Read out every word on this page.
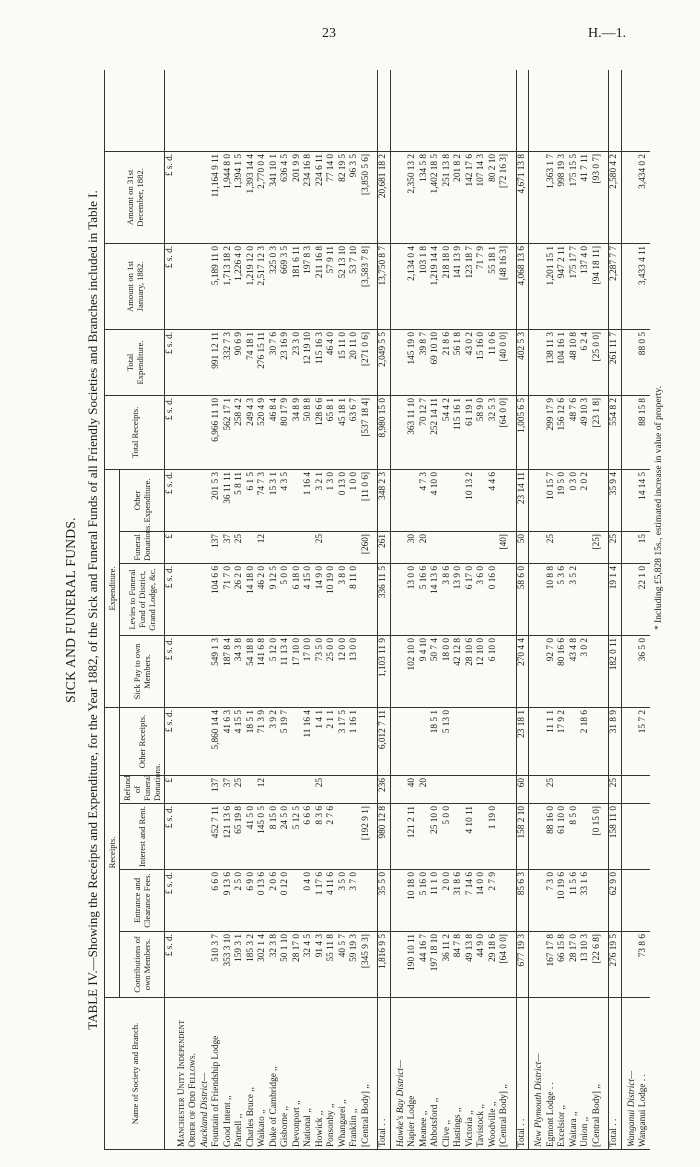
23	H.—1.
SICK AND FUNERAL FUNDS. TABLE IV.—Showing the Receipts and Expenditure, for the Year 1882, of the Sick and Funeral Funds of all Friendly Societies and Branches included in Table I.
Name of Society and Branch.	Receipts.					Expenditure.				Total Receipts.	Total Expenditure.	Amount on 1st January, 1882.	Amount on 31st December, 1882.	
	Contributions of own Members.	Entrance and Clearance Fees.	Interest and Rent.	Refund of Funeral Donations.	Other Receipts.	Sick Pay to own Members.	Levies to Funeral Fund of District, Grand Lodge, &c.	Funeral Donations.	Other Expenditure.					
	£ s. d.	£ s. d.	£ s. d.	£	£ s. d.	£ s. d.	£ s. d.	£	£ s. d.	£ s. d.	£ s. d.	£ s. d.	£ s. d.	
Manchester Unity Independent														
Order of Odd Fellows.														
Auckland District—														
Fountain of Friendship Lodge	510 3 7	6 6 0	452 7 11	137	5,860 14 4	549 1 3	104 6 6	137	201 5 3	6,966 11 10	991 12 11	5,189 11 0	11,164 9 11	
Good Intent ,,	353 3 10	9 13 6	121 13 6	37	41 6 3	187 8 4	71 7 0	37	36 11 11	562 17 1	332 7 3	1,713 18 2	1,944 8 0	
Parnell ,,	159 3 1	2 5 0	65 19 8	25	4 15 5	34 3 8	26 2 0	25	5 8 11	258 4 2	90 6 9	1,226 4 0	1,394 1 5	
Charles Bruce ,,	185 3 2	6 9 0	41 5 0		18 5 1	54 18 8	14 18 0		6 1 5	249 4 3	74 18 1	1,219 12 0	1,393 14 4	
Waikato ,,	302 1 4	0 13 6	145 0 5	12	71 3 9	141 6 8	46 2 0	12	74 7 3	520 4 9	276 15 11	2,517 12 3	2,770 0 4	
Duke of Cambridge ,,	32 3 8	2 0 6	8 15 0		3 9 2	5 12 0	9 12 5		15 3 1	46 8 4	30 7 6	325 0 3	341 10 1	
Gisborne ,,	50 1 10	0 12 0	24 5 0		5 19 7	11 13 4	5 0 0		4 3 5	80 17 9	23 16 9	669 3 5	636 4 5	
Devonport ,,	28 17 0		5 12 5			17 10 0	6 18 0			34 8 9	23 3 0	181 6 11	201 9 9	
National ,,	32 4 5	0 4 0	6 6 6		11 16 4	17 0 0	4 15 0		1 16 4	50 8 8	12 19 10	197 8 3	234 16 8	
Howick ,,	91 4 3	1 17 6	8 3 6	25	1 4 1	73 5 0	14 9 0	25	3 2 1	128 6 6	115 16 3	211 16 8	224 6 11	
Ponsonby ,,	55 11 8	4 11 6	2 7 6		2 1 1	25 0 0	10 19 0		1 3 0	65 8 1	46 4 0	57 9 11	77 14 0	
Whangarei ,,	40 5 7	3 5 0			3 17 5	12 0 0	3 8 0		0 13 0	45 18 1	15 11 0	52 13 10	82 19 5	
Franklin ,,	59 19 3	3 7 0			1 16 1	13 0 0	8 11 0		1 0 0	63 6 7	20 11 0	53 7 10	96 3 5	
[Central Body] ,,	[345 9 3]		[192 9 1]					[260]	[11 0 6]	[537 18 4]	[271 0 6]	[3,583 7 8]	[3,850 5 6]	

Total . .	1,816 9 5	35 5 0	980 12 8	236	6,012 7 11	1,103 11 9	336 11 5	261	348 2 3	8,980 15 0	2,049 5 5	13,750 8 7	20,681 18 2	

Hawke's Bay District—														
Napier Lodge	190 10 11	10 18 0	121 2 11	40		102 10 0	13 0 0	30		363 11 10	145 19 0	2,134 0 4	2,350 13 2	
Meanee ,,	44 16 7	5 16 0		20		9 4 10	5 16 6	20	4 7 3	70 12 7	39 8 7	103 1 8	134 5 8	
Abbotsford ,,	197 18 10	11 1 0	25 10 0		18 5 1	50 7 4	14 13 6		4 10 0	252 14 11	69 10 10	1,219 14 4	1,402 18 5	
Clive ,,	36 11 2	2 0 0	5 0 0		5 13 0	18 0 0	3 8 6			54 4 2	21 8 6	218 18 0	251 13 8	
Hastings ,,	84 7 8	31 8 6				42 12 8	13 9 0			115 16 1	56 1 8	141 13 9	201 8 2	
Victoria ,,	49 13 8	7 14 6	4 10 11			28 10 6	6 17 0		10 13 2	61 19 1	43 0 2	123 18 7	142 17 6	
Tavistock ,,	44 9 0	14 0 0				12 10 0	3 6 0			58 9 0	15 16 0	71 7 9	107 14 3	
Woodville ,,	29 18 6	2 7 9	1 19 0			6 10 0	0 16 0		4 4 6	32 5 3	11 0 6	55 18 1	80 2 10	
[Central Body] ,,	[64 0 0]							[40]		[64 0 0]	[40 0 0]	[48 16 3]	[72 16 3]	

Total . .	677 19 3	85 6 3	158 2 10	60	23 18 1	270 4 4	58 6 0	50	23 14 11	1,005 6 5	402 5 3	4,068 13 6	4,671 13 8	

New Plymouth District—														
Egmont Lodge . .	167 17 8	7 3 0	88 16 0	25	11 1 1	92 7 0	10 8 8	25	10 15 7	299 17 9	138 11 3	1,201 15 1	1,363 1 7	
Excelsior ,,	66 15 8	10 19 6	61 10 0		17 9 2	80 16 6	5 3 6		19 5 0	156 12 6	104 16 1	947 2 11	998 19 3	
Waitara ,,	28 17 0	11 5 6	8 5 0			43 4 8	3 5 2		0 3 0	48 7 6	48 10 8	175 17 7	175 15 5	
Union ,,	13 10 3	33 1 6			2 18 6	3 0 2			2 0 2	49 10 3	6 2 4	137 4 0	41 7 11	
[Central Body] ,,	[22 6 8]		[0 15 0]					[25]		[23 1 8]	[25 0 0]	[94 18 11]	[93 0 7]	

Total . .	276 19 5	62 9 0	158 11 0	25	31 8 9	182 0 11	19 1 4	25	35 9 4	554 8 2	261 11 7	2,287 7 7	2,580 4 2	

Wanganui District—														
Wanganui Lodge . .	73 8 6				15 7 2	36 5 0	22 1 0	15	14 14 5	88 15 8	88 0 5	3,433 4 11	3,434 0 2	
* Including £5,828 15s., estimated increase in value of property.
